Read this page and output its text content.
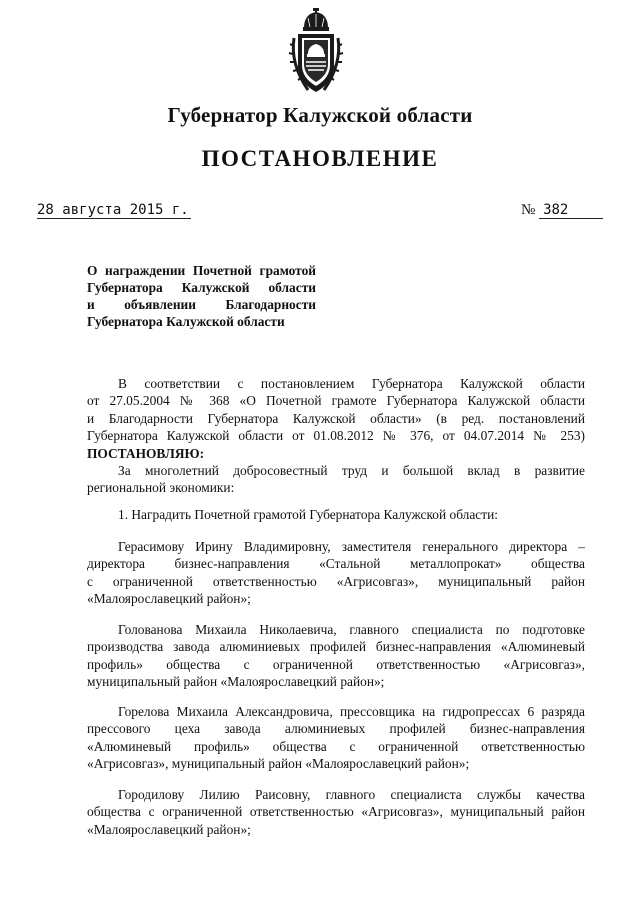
Губернатор Калужской области
ПОСТАНОВЛЕНИЕ
28 августа 2015 г.	№ 382
О награждении Почетной грамотой
Губернатора Калужской области
и объявлении Благодарности
Губернатора Калужской области
В соответствии с постановлением Губернатора Калужской области
от 27.05.2004 № 368 «О Почетной грамоте Губернатора Калужской области
и Благодарности Губернатора Калужской области» (в ред. постановлений
Губернатора Калужской области от 01.08.2012 № 376, от 04.07.2014 № 253)
ПОСТАНОВЛЯЮ:
За многолетний добросовестный труд и большой вклад в развитие
региональной экономики:
1. Наградить Почетной грамотой Губернатора Калужской области:
Герасимову Ирину Владимировну, заместителя генерального директора –
директора бизнес-направления «Стальной металлопрокат» общества
с ограниченной ответственностью «Агрисовгаз», муниципальный район
«Малоярославецкий район»;
Голованова Михаила Николаевича, главного специалиста по подготовке
производства завода алюминиевых профилей бизнес-направления «Алюминевый
профиль» общества с ограниченной ответственностью «Агрисовгаз»,
муниципальный район «Малоярославецкий район»;
Горелова Михаила Александровича, прессовщика на гидропрессах 6 разряда
прессового цеха завода алюминиевых профилей бизнес-направления
«Алюминевый профиль» общества с ограниченной ответственностью
«Агрисовгаз», муниципальный район «Малоярославецкий район»;
Городилову Лилию Раисовну, главного специалиста службы качества
общества с ограниченной ответственностью «Агрисовгаз», муниципальный район
«Малоярославецкий район»;
